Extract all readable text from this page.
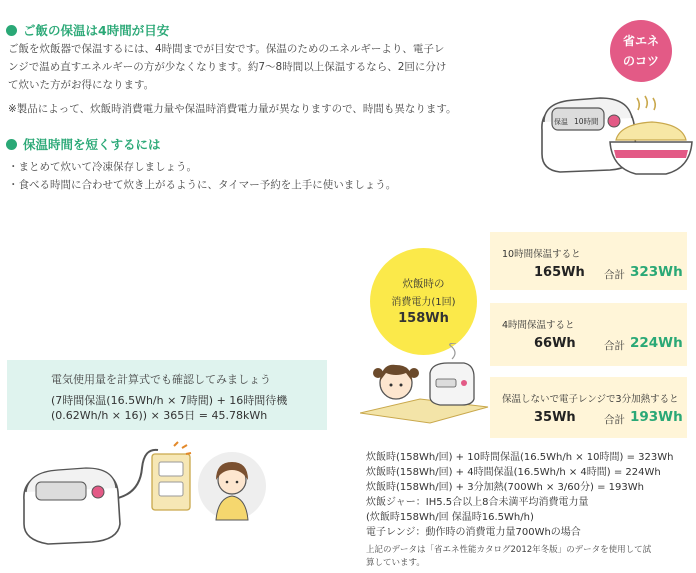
ご飯の保温は4時間が目安
ご飯を炊飯器で保温するには、4時間までが目安です。保温のためのエネルギーより、電子レ
ンジで温め直すエネルギーの方が少なくなります。約7〜8時間以上保温するなら、2回に分け
て炊いた方がお得になります。
※製品によって、炊飯時消費電力量や保温時消費電力量が異なりますので、時間も異なります。
保温時間を短くするには
・まとめて炊いて冷凍保存しましょう。
・食べる時間に合わせて炊き上がるように、タイマー予約を上手に使いましょう。
省エネ
のコツ
保温 10時間
炊飯時の
消費電力(1回)
158Wh
10時間保温すると
165Wh 合計 323Wh
4時間保温すると
66Wh	合計 224Wh
保温しないで電子レンジで3分加熱すると
35Wh	合計 193Wh
電気使用量を計算式でも確認してみましょう
(7時間保温(16.5Wh/h × 7時間) + 16時間待機
(0.62Wh/h × 16)) × 365日 = 45.78kWh
炊飯時(158Wh/回) + 10時間保温(16.5Wh/h × 10時間) = 323Wh
炊飯時(158Wh/回) + 4時間保温(16.5Wh/h × 4時間) = 224Wh
炊飯時(158Wh/回) + 3分加熱(700Wh × 3/60分) = 193Wh
炊飯ジャー：IH5.5合以上8合未満平均消費電力量
(炊飯時158Wh/回 保温時16.5Wh/h)
電子レンジ：動作時の消費電力量700Whの場合
上記のデータは「省エネ性能カタログ2012年冬版」のデータを使用して試
算しています。
